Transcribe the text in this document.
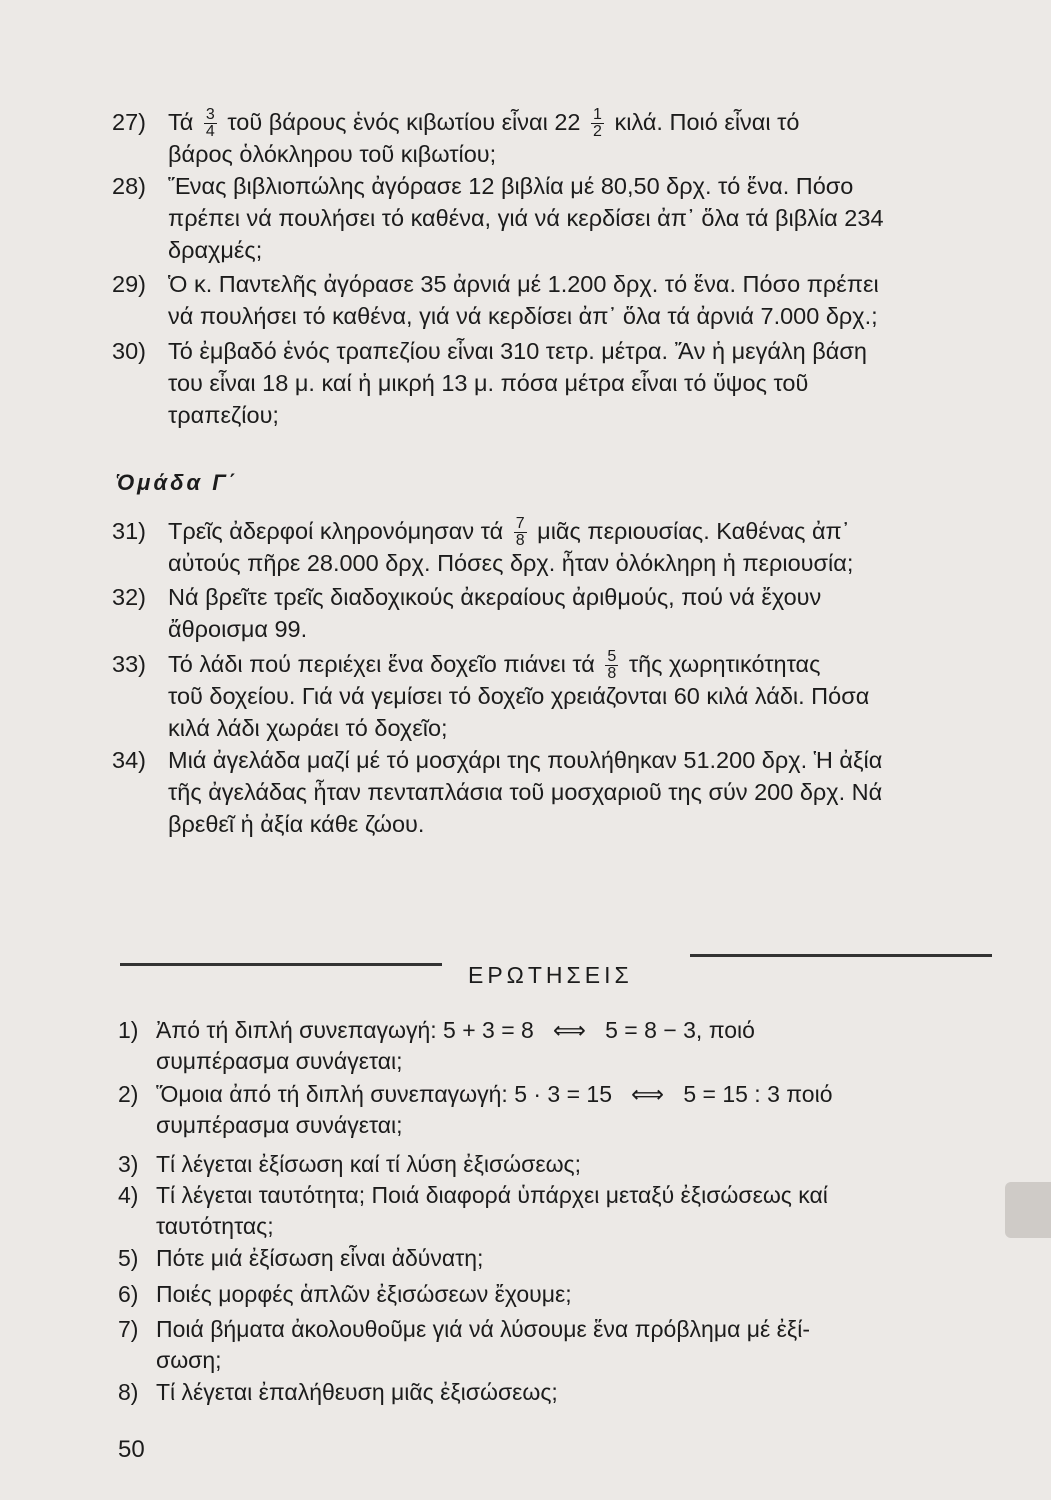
27) Τά $\frac{3}{4}$ τοῦ βάρους ἑνός κιβωτίου εἶναι $22 \frac{1}{2} \kappa\iota\lambda ά$. Ποιό εἶναι τό
βάρος ὁλόκληρου τοῦ κιβωτίου;
28) Ἕνας βιβλιοπώλης ἀγόρασε 12 βιβλία μέ 80,50 δρχ. τό ἕνα. Πόσο
πρέπει νά πουλήσει τό καθένα, γιά νά κερδίσει ἀπ᾽ ὅλα τά βιβλία 234
δραχμές;
29) Ὁ κ. Παντελῆς ἀγόρασε 35 ἀρνιά μέ 1.200 δρχ. τό ἕνα. Πόσο πρέπει
νά πουλήσει τό καθένα, γιά νά κερδίσει ἀπ᾽ ὅλα τά ἀρνιά 7.000 δρχ.;
30) Τό ἐμβαδό ἑνός τραπεζίου εἶναι 310 τετρ. μέτρα. Ἄν ἡ μεγάλη βάση
του εἶναι 18 μ. καί ἡ μικρή 13 μ. πόσα μέτρα εἶναι τό ὕψος τοῦ
τραπεζίου;
Ὁμάδα Γ΄
31) Τρεῖς ἀδερφοί κληρονόμησαν τά $\frac{7}{8}$ μιᾶς περιουσίας. Καθένας ἀπ᾽
αὐτούς πῆρε 28.000 δρχ. Πόσες δρχ. ἦταν ὁλόκληρη ἡ περιουσία;
32) Νά βρεῖτε τρεῖς διαδοχικούς ἀκεραίους ἀριθμούς, πού νά ἔχουν
ἄθροισμα 99.
33) Τό λάδι πού περιέχει ἕνα δοχεῖο πιάνει τά $\frac{5}{8}$ τῆς χωρητικότητας
τοῦ δοχείου. Γιά νά γεμίσει τό δοχεῖο χρειάζονται 60 κιλά λάδι. Πόσα
κιλά λάδι χωράει τό δοχεῖο;
34) Μιά ἀγελάδα μαζί μέ τό μοσχάρι της πουλήθηκαν 51.200 δρχ. Ἡ ἀξία
τῆς ἀγελάδας ἦταν πενταπλάσια τοῦ μοσχαριοῦ της σύν 200 δρχ. Νά
βρεθεῖ ἡ ἀξία κάθε ζώου.
ΕΡΩΤΗΣΕΙΣ
1) Ἀπό τή διπλή συνεπαγωγή: 5 + 3 = 8   ⟺   5 = 8 − 3, ποιό
συμπέρασμα συνάγεται;
2) Ὅμοια ἀπό τή διπλή συνεπαγωγή: 5 · 3 = 15   ⟺   5 = 15 : 3 ποιό
συμπέρασμα συνάγεται;
3) Τί λέγεται ἐξίσωση καί τί λύση ἐξισώσεως;
4) Τί λέγεται ταυτότητα; Ποιά διαφορά ὑπάρχει μεταξύ ἐξισώσεως καί
ταυτότητας;
5) Πότε μιά ἐξίσωση εἶναι ἀδύνατη;
6) Ποιές μορφές ἁπλῶν ἐξισώσεων ἔχουμε;
7) Ποιά βήματα ἀκολουθοῦμε γιά νά λύσουμε ἕνα πρόβλημα μέ ἐξί-
σωση;
8) Τί λέγεται ἐπαλήθευση μιᾶς ἐξισώσεως;
50
